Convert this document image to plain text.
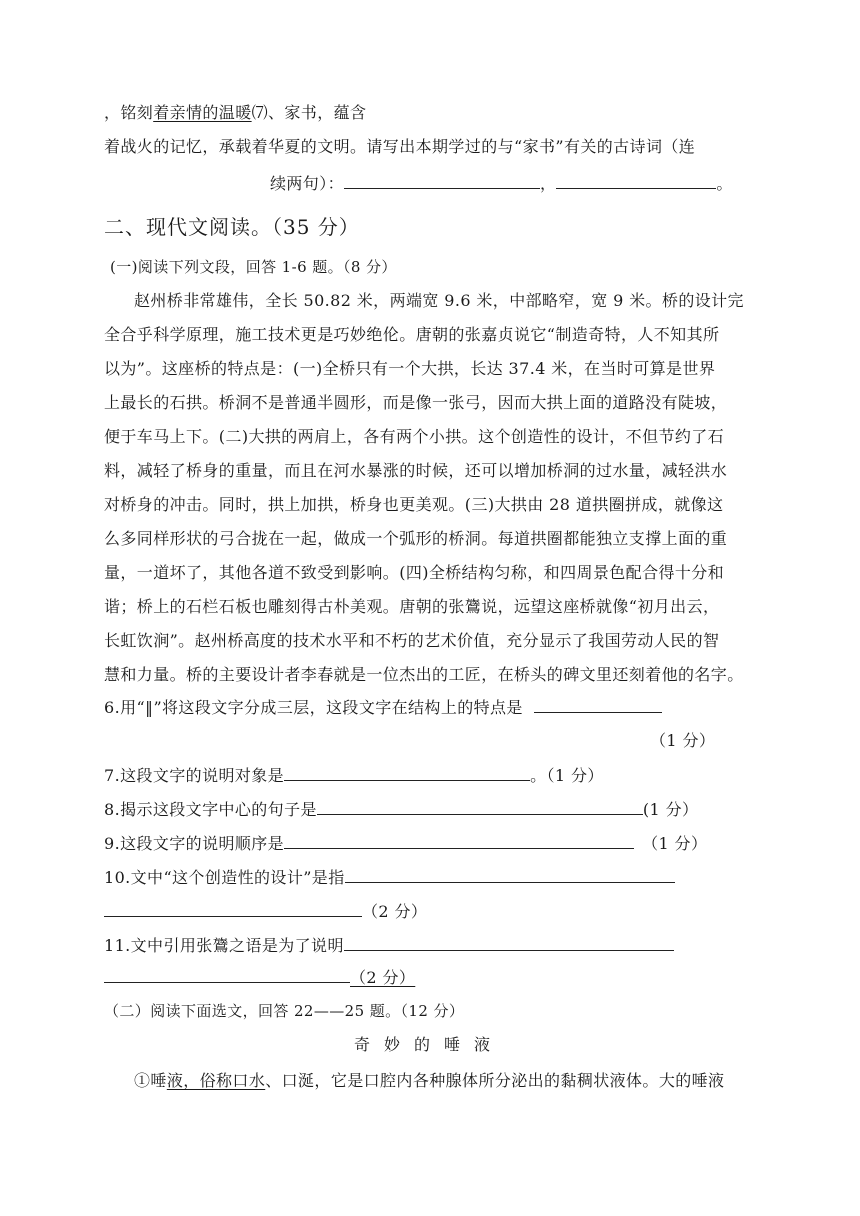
，铭刻着亲情的温暖⑺、家书，蕴含
着战火的记忆，承载着华夏的文明。请写出本期学过的与“家书”有关的古诗词（连
续两句）：	，	。
二、现代文阅读。（35 分）
(一)阅读下列文段，回答 1-6 题。（8 分）
赵州桥非常雄伟，全长 50.82 米，两端宽 9.6 米，中部略窄，宽 9 米。桥的设计完
全合乎科学原理，施工技术更是巧妙绝伦。唐朝的张嘉贞说它“制造奇特，人不知其所
以为”。这座桥的特点是：(一)全桥只有一个大拱，长达 37.4 米，在当时可算是世界
上最长的石拱。桥洞不是普通半圆形，而是像一张弓，因而大拱上面的道路没有陡坡，
便于车马上下。(二)大拱的两肩上，各有两个小拱。这个创造性的设计，不但节约了石
料，减轻了桥身的重量，而且在河水暴涨的时候，还可以增加桥洞的过水量，减轻洪水
对桥身的冲击。同时，拱上加拱，桥身也更美观。(三)大拱由 28 道拱圈拼成，就像这
么多同样形状的弓合拢在一起，做成一个弧形的桥洞。每道拱圈都能独立支撑上面的重
量，一道坏了，其他各道不致受到影响。(四)全桥结构匀称，和四周景色配合得十分和
谐；桥上的石栏石板也雕刻得古朴美观。唐朝的张鷟说，远望这座桥就像“初月出云，
长虹饮涧”。赵州桥高度的技术水平和不朽的艺术价值，充分显示了我国劳动人民的智
慧和力量。桥的主要设计者李春就是一位杰出的工匠，在桥头的碑文里还刻着他的名字。
6.用“‖”将这段文字分成三层，这段文字在结构上的特点是
（1 分）
7.这段文字的说明对象是	。（1 分）
8.揭示这段文字中心的句子是	(1 分）
9.这段文字的说明顺序是	（1 分）
10.文中“这个创造性的设计”是指
（2 分）
11.文中引用张鷟之语是为了说明
（2 分）
（二）阅读下面选文，回答 22——25 题。（12 分）
奇妙的唾液
①唾液，俗称口水、口涎，它是口腔内各种腺体所分泌出的黏稠状液体。大的唾液
